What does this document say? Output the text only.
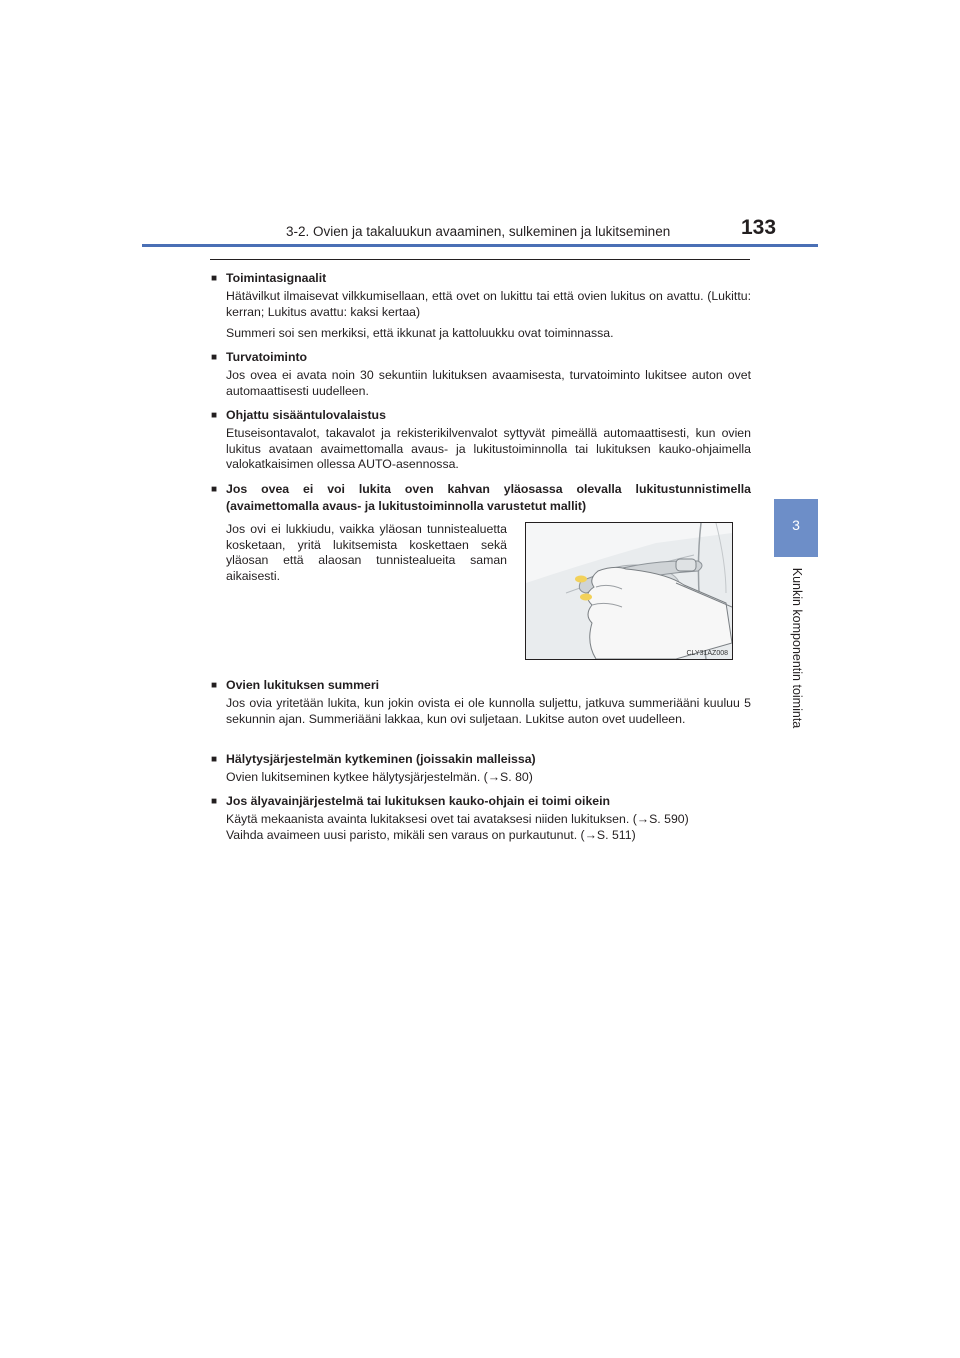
3-2. Ovien ja takaluukun avaaminen, sulkeminen ja lukitseminen	133
3
Kunkin komponentin toiminta
■ Toimintasignaalit
Hätävilkut ilmaisevat vilkkumisellaan, että ovet on lukittu tai että ovien lukitus on avattu. (Lukittu: kerran; Lukitus avattu: kaksi kertaa)
Summeri soi sen merkiksi, että ikkunat ja kattoluukku ovat toiminnassa.
■ Turvatoiminto
Jos ovea ei avata noin 30 sekuntiin lukituksen avaamisesta, turvatoiminto lukitsee auton ovet automaattisesti uudelleen.
■ Ohjattu sisääntulovalaistus
Etuseisontavalot, takavalot ja rekisterikilvenvalot syttyvät pimeällä automaattisesti, kun ovien lukitus avataan avaimettomalla avaus- ja lukitustoiminnolla tai lukituksen kauko-ohjaimella valokatkaisimen ollessa AUTO-asennossa.
■ Jos ovea ei voi lukita oven kahvan yläosassa olevalla lukitustunnistimella (avaimettomalla avaus- ja lukitustoiminnolla varustetut mallit)
Jos ovi ei lukkiudu, vaikka yläosan tunnistealuetta kosketaan, yritä lukitsemista koskettaen sekä yläosan että alaosan tunnistealueita saman aikaisesti.
CLY31AZ008
■ Ovien lukituksen summeri
Jos ovia yritetään lukita, kun jokin ovista ei ole kunnolla suljettu, jatkuva summeriääni kuuluu 5 sekunnin ajan. Summeriääni lakkaa, kun ovi suljetaan. Lukitse auton ovet uudelleen.
■ Hälytysjärjestelmän kytkeminen (joissakin malleissa)
Ovien lukitseminen kytkee hälytysjärjestelmän. (→S. 80)
■ Jos älyavainjärjestelmä tai lukituksen kauko-ohjain ei toimi oikein
Käytä mekaanista avainta lukitaksesi ovet tai avataksesi niiden lukituksen. (→S. 590)
Vaihda avaimeen uusi paristo, mikäli sen varaus on purkautunut. (→S. 511)
